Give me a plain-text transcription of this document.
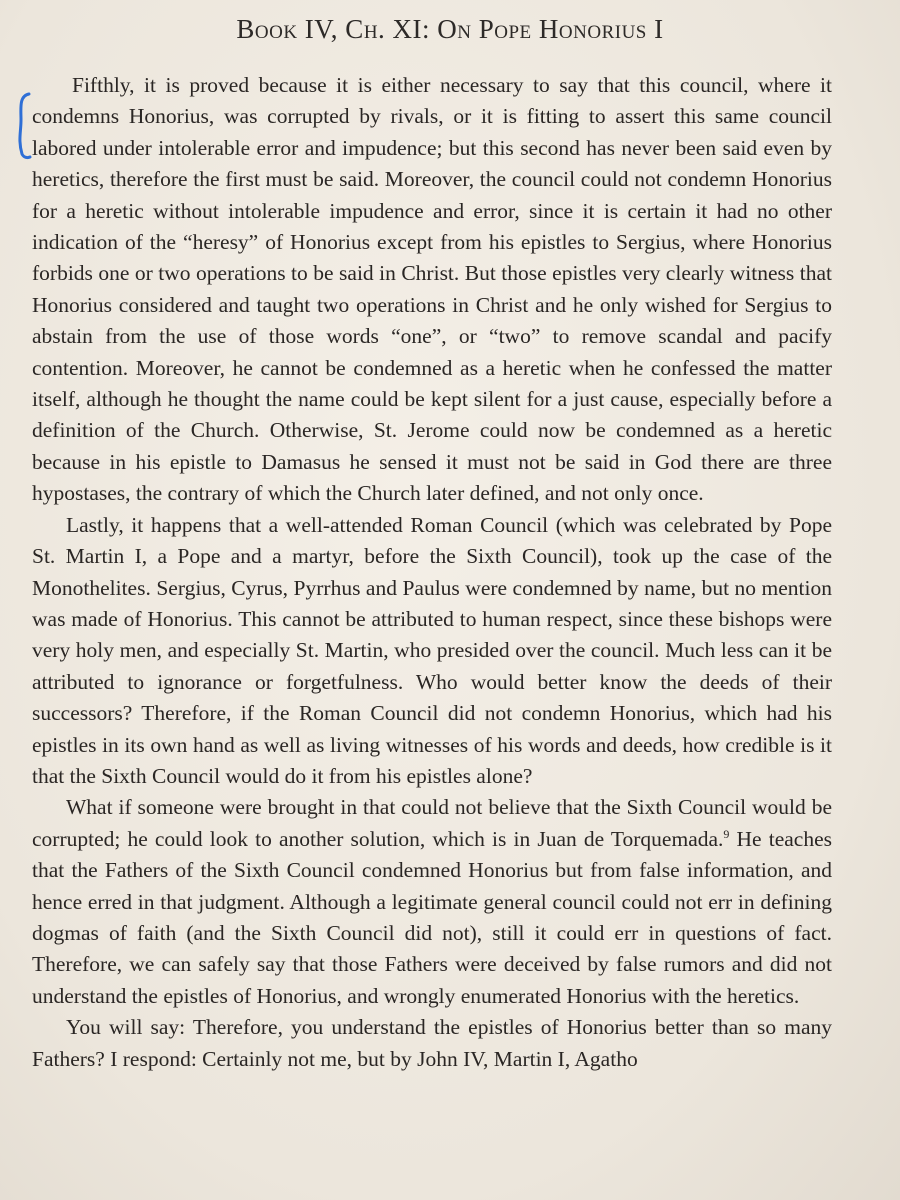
Book IV, Ch. XI: On Pope Honorius I

Fifthly, it is proved because it is either necessary to say that this council, where it condemns Honorius, was corrupted by rivals, or it is fitting to assert this same council labored under intolerable error and impudence; but this second has never been said even by heretics, therefore the first must be said. Moreover, the council could not condemn Honorius for a heretic without intolerable impudence and error, since it is certain it had no other indication of the “heresy” of Honorius except from his epistles to Sergius, where Honorius forbids one or two operations to be said in Christ. But those epistles very clearly witness that Honorius considered and taught two operations in Christ and he only wished for Sergius to abstain from the use of those words “one”, or “two” to remove scandal and pacify contention. Moreover, he cannot be condemned as a heretic when he confessed the matter itself, although he thought the name could be kept silent for a just cause, especially before a definition of the Church. Otherwise, St. Jerome could now be condemned as a heretic because in his epistle to Damasus he sensed it must not be said in God there are three hypostases, the contrary of which the Church later defined, and not only once.

Lastly, it happens that a well-attended Roman Council (which was celebrated by Pope St. Martin I, a Pope and a martyr, before the Sixth Council), took up the case of the Monothelites. Sergius, Cyrus, Pyrrhus and Paulus were condemned by name, but no mention was made of Honorius. This cannot be attributed to human respect, since these bishops were very holy men, and especially St. Martin, who presided over the council. Much less can it be attributed to ignorance or forgetfulness. Who would better know the deeds of their successors? Therefore, if the Roman Council did not condemn Honorius, which had his epistles in its own hand as well as living witnesses of his words and deeds, how credible is it that the Sixth Council would do it from his epistles alone?

What if someone were brought in that could not believe that the Sixth Council would be corrupted; he could look to another solution, which is in Juan de Torquemada.$^9$ He teaches that the Fathers of the Sixth Council condemned Honorius but from false information, and hence erred in that judgment. Although a legitimate general council could not err in defining dogmas of faith (and the Sixth Council did not), still it could err in questions of fact. Therefore, we can safely say that those Fathers were deceived by false rumors and did not understand the epistles of Honorius, and wrongly enumerated Honorius with the heretics.

You will say: Therefore, you understand the epistles of Honorius better than so many Fathers? I respond: Certainly not me, but by John IV, Martin I, Agatho
